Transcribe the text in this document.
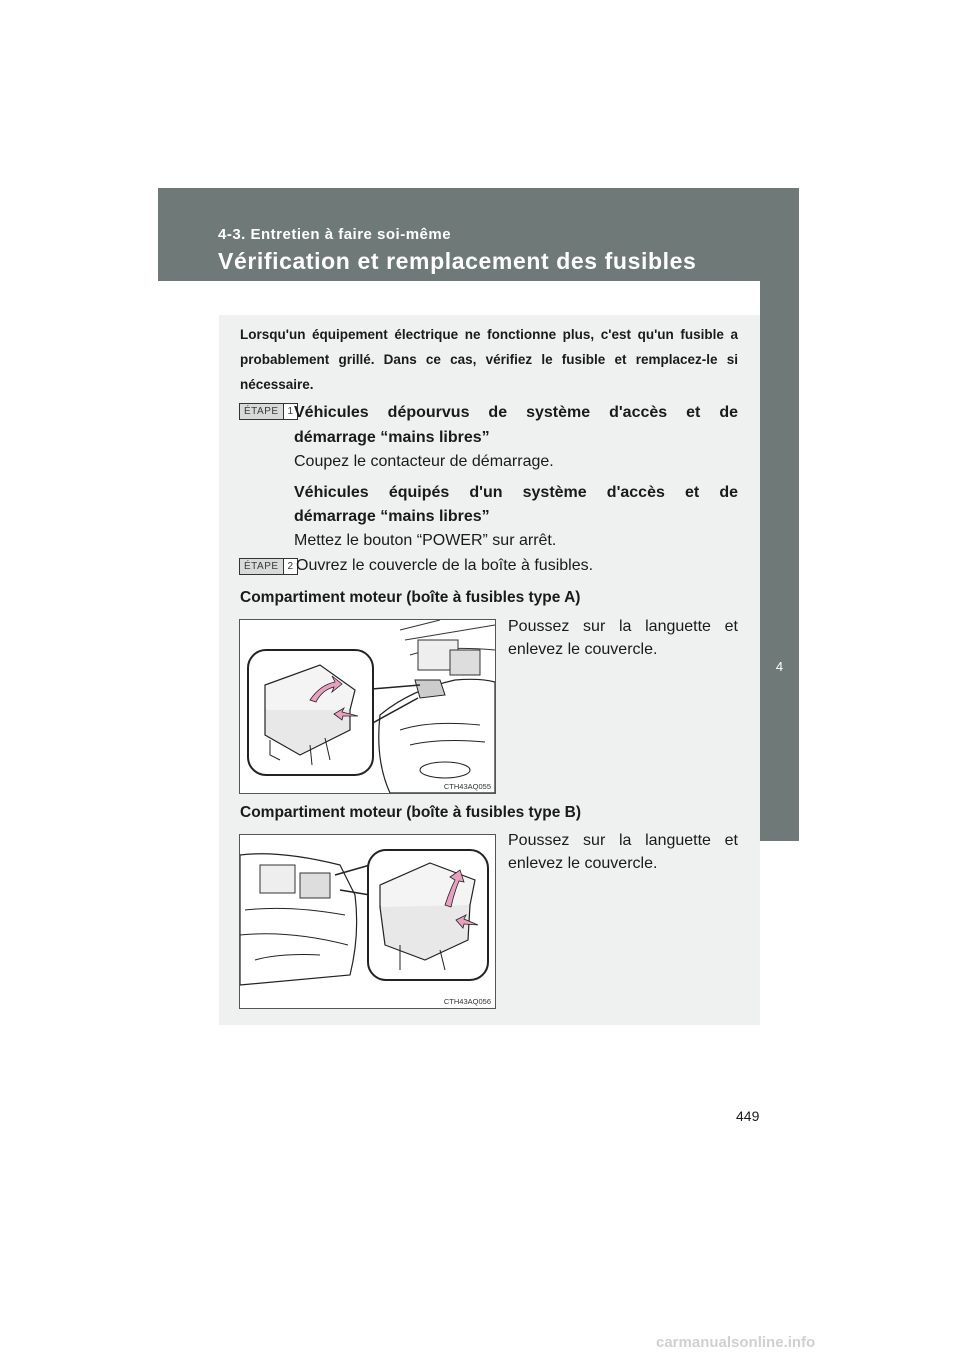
4-3. Entretien à faire soi-même
Vérification et remplacement des fusibles
4
Entretien et soin
Lorsqu'un équipement électrique ne fonctionne plus, c'est qu'un fusible a probablement grillé. Dans ce cas, vérifiez le fusible et remplacez-le si nécessaire.
ÉTAPE 1 Véhicules dépourvus de système d'accès et de
démarrage “mains libres”
Coupez le contacteur de démarrage.
Véhicules équipés d'un système d'accès et de
démarrage “mains libres”
Mettez le bouton “POWER” sur arrêt.
ÉTAPE 2 Ouvrez le couvercle de la boîte à fusibles.
Compartiment moteur (boîte à fusibles type A)
CTH43AQ055
Poussez sur la languette et enlevez le couvercle.
Compartiment moteur (boîte à fusibles type B)
CTH43AQ056
Poussez sur la languette et enlevez le couvercle.
449
carmanualsonline.info
